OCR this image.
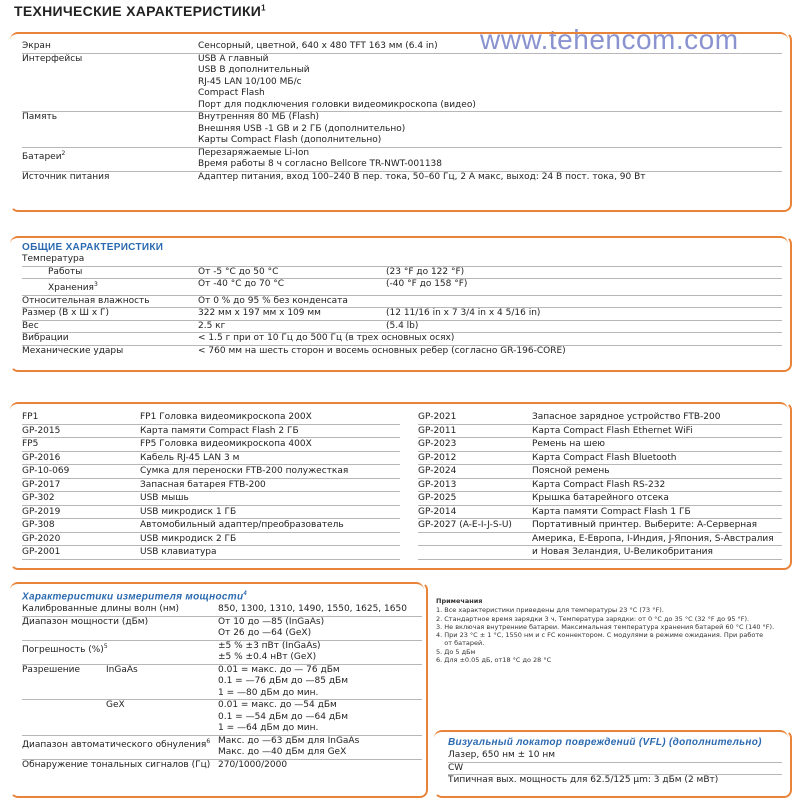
ТЕХНИЧЕСКИЕ ХАРАКТЕРИСТИКИ$^1$
www.tehencom.com
Экран	Сенсорный, цветной, 640 x 480 TFT 163 мм (6.4 in)
Интерфейсы	USB A главный
USB B дополнительный
RJ-45 LAN 10/100 МБ/с
Compact Flash
Порт для подключения головки видеомикроскопа (видео)
Память	Внутренняя 80 МБ (Flash)
Внешняя USB -1 GB и 2 ГБ (дополнительно)
Карты Compact Flash (дополнительно)
Батареи$^2$	Перезаряжаемые Li-Ion
Время работы 8 ч согласно Bellcore TR-NWT-001138
Источник питания	Адаптер питания, вход 100–240 В пер. тока, 50–60 Гц, 2 А макс, выход: 24 В пост. тока, 90 Вт
ОБЩИЕ ХАРАКТЕРИСТИКИ
Температура
Работы	От -5 °C до 50 °C	(23 °F до 122 °F)
Хранения$^3$	От -40 °C до 70 °C	(-40 °F до 158 °F)
Относительная влажность	От 0 % до 95 % без конденсата
Размер (В x Ш x Г)	322 мм x 197 мм x 109 мм	(12 11/16 in x 7 3/4 in x 4 5/16 in)
Вес	2.5 кг	(5.4 lb)
Вибрации	< 1.5 г при от 10 Гц до 500 Гц (в трех основных осях)
Механические удары	< 760 мм на шесть сторон и восемь основных ребер (согласно GR-196-CORE)
FP1	FP1 Головка видеомикроскопа 200X
GP-2015	Карта памяти Compact Flash 2 ГБ
FP5	FP5 Головка видеомикроскопа 400X
GP-2016	Кабель RJ-45 LAN 3 м
GP-10-069	Сумка для переноски FTB-200 полужесткая
GP-2017	Запасная батарея FTB-200
GP-302	USB мышь
GP-2019	USB микродиск 1 ГБ
GP-308	Автомобильный адаптер/преобразователь
GP-2020	USB микродиск 2 ГБ
GP-2001	USB клавиатура
GP-2021	Запасное зарядное устройство FTB-200
GP-2011	Карта Compact Flash Ethernet WiFi
GP-2023	Ремень на шею
GP-2012	Карта Compact Flash Bluetooth
GP-2024	Поясной ремень
GP-2013	Карта Compact Flash RS-232
GP-2025	Крышка батарейного отсека
GP-2014	Карта памяти Compact Flash 1 ГБ
GP-2027 (A-E-I-J-S-U)	Портативный принтер. Выберите: A-Серверная
Америка, E-Европа, I-Индия, J-Япония, S-Австралия
и Новая Зеландия, U-Великобритания
Характеристики измерителя мощности$^4$
Калиброванные длины волн (нм)	850, 1300, 1310, 1490, 1550, 1625, 1650
Диапазон мощности (дБм)	От 10 до —85 (InGaAs)
От 26 до —64 (GeX)
Погрешность (%)$^5$	±5 % ±3 пВт (InGaAs)
±5 % ±0.4 нВт (GeX)
Разрешение	InGaAs	0.01 = макс. до — 76 дБм
0.1 = —76 дБм до —85 дБм
1 = —80 дБм до мин.
GeX	0.01 = макс. до —54 дБм
0.1 = —54 дБм до —64 дБм
1 = —64 дБм до мин.
Диапазон автоматического обнуления$^6$ Макс. до —63 дБм для InGaAs
Макс. до —40 дБм для GeX
Обнаружение тональных сигналов (Гц) 270/1000/2000
Примечания
1. Все характеристики приведены для температуры 23 °C (73 °F).
2. Стандартное время зарядки 3 ч, Температура зарядки: от 0 °C до 35 °C (32 °F до 95 °F).
3. Не включая внутренние батареи. Максимальная температура хранения батарей 60 °C (140 °F).
4. При 23 °C ± 1 °C, 1550 нм и с FC коннектором. С модулями в режиме ожидания. При работе
от батарей.
5. До 5 дБм
6. Для ±0.05 дБ, от18 °C до 28 °C
Визуальный локатор повреждений (VFL) (дополнительно)
Лазер, 650 нм ± 10 нм
CW
Типичная вых. мощность для 62.5/125 μm: 3 дБм (2 мВт)
